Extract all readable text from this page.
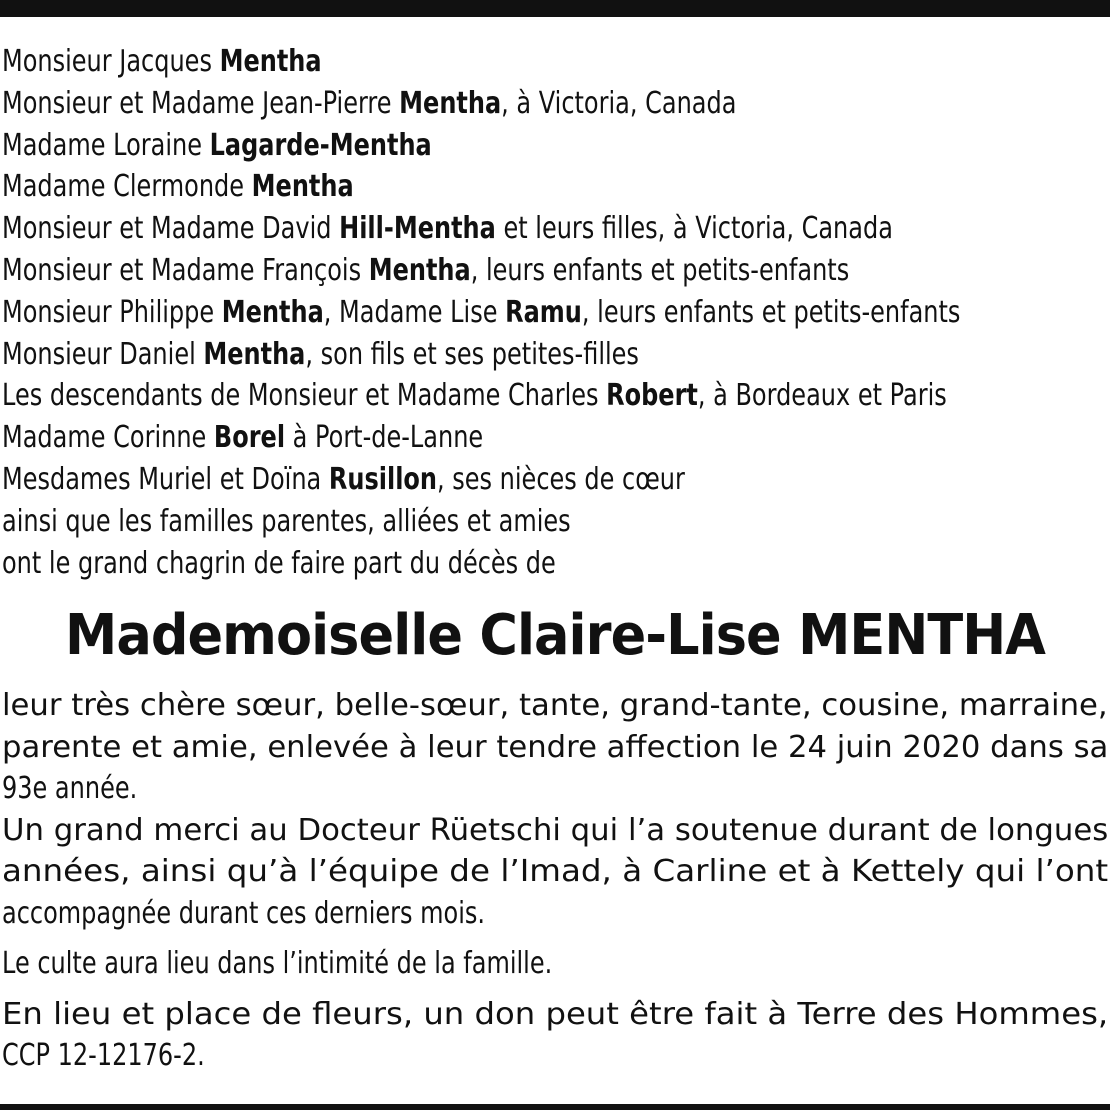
Monsieur Jacques Mentha
Monsieur et Madame Jean-Pierre Mentha, à Victoria, Canada
Madame Loraine Lagarde-Mentha
Madame Clermonde Mentha
Monsieur et Madame David Hill-Mentha et leurs filles, à Victoria, Canada
Monsieur et Madame François Mentha, leurs enfants et petits-enfants
Monsieur Philippe Mentha, Madame Lise Ramu, leurs enfants et petits-enfants
Monsieur Daniel Mentha, son fils et ses petites-filles
Les descendants de Monsieur et Madame Charles Robert, à Bordeaux et Paris
Madame Corinne Borel à Port-de-Lanne
Mesdames Muriel et Doïna Rusillon, ses nièces de cœur
ainsi que les familles parentes, alliées et amies
ont le grand chagrin de faire part du décès de
Mademoiselle Claire-Lise MENTHA
leur très chère sœur, belle-sœur, tante, grand-tante, cousine, marraine,
parente et amie, enlevée à leur tendre affection le 24 juin 2020 dans sa
93e année.
Un grand merci au Docteur Rüetschi qui l’a soutenue durant de longues
années, ainsi qu’à l’équipe de l’Imad, à Carline et à Kettely qui l’ont
accompagnée durant ces derniers mois.
Le culte aura lieu dans l’intimité de la famille.
En lieu et place de fleurs, un don peut être fait à Terre des Hommes,
CCP 12-12176-2.
